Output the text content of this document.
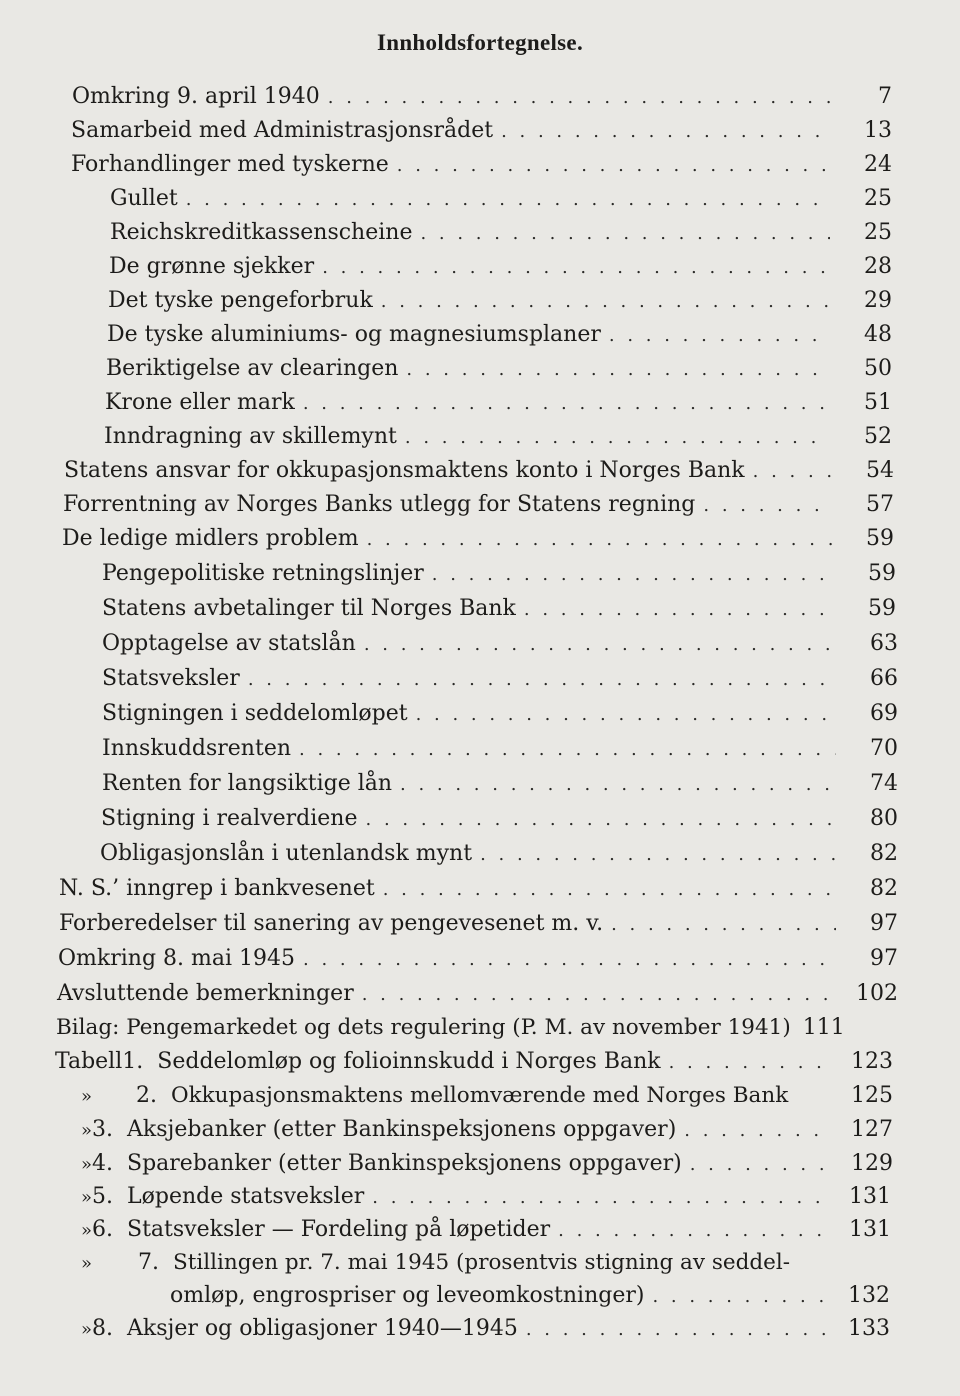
Innholdsfortegnelse.
Omkring 9. april 1940 . . .	7
Samarbeid med Administrasjonsrådet . . .	13
Forhandlinger med tyskerne . . .	24
Gullet . . .	25
Reichskreditkassenscheine . . .	25
De grønne sjekker . . .	28
Det tyske pengeforbruk . . .	29
De tyske aluminiums- og magnesiumsplaner . . .	48
Beriktigelse av clearingen . . .	50
Krone eller mark . . .	51
Inndragning av skillemynt . . .	52
Statens ansvar for okkupasjonsmaktens konto i Norges Bank . . .	54
Forrentning av Norges Banks utlegg for Statens regning . . .	57
De ledige midlers problem . . .	59
Pengepolitiske retningslinjer . . .	59
Statens avbetalinger til Norges Bank . . .	59
Opptagelse av statslån . . .	63
Statsveksler . . .	66
Stigningen i seddelomløpet . . .	69
Innskuddsrenten . . .	70
Renten for langsiktige lån . . .	74
Stigning i realverdiene . . .	80
Obligasjonslån i utenlandsk mynt . . .	82
N. S.’ inngrep i bankvesenet . . .	82
Forberedelser til sanering av pengevesenet m. v. . . .	97
Omkring 8. mai 1945 . . .	97
Avsluttende bemerkninger . . .	102
Bilag: Pengemarkedet og dets regulering (P. M. av november 1941) 111
Tabell 1. Seddelomløp og folioinnskudd i Norges Bank . . .	123
»	2. Okkupasjonsmaktens mellomværende med Norges Bank	125
» 3. Aksjebanker (etter Bankinspeksjonens oppgaver) . . .	127
» 4. Sparebanker (etter Bankinspeksjonens oppgaver) . . .	129
» 5. Løpende statsveksler . . .	131
» 6. Statsveksler — Fordeling på løpetider . . .	131
»	7. Stillingen pr. 7. mai 1945 (prosentvis stigning av seddel-
omløp, engrospriser og leveomkostninger) . . .	132
» 8. Aksjer og obligasjoner 1940—1945 . . .	133
